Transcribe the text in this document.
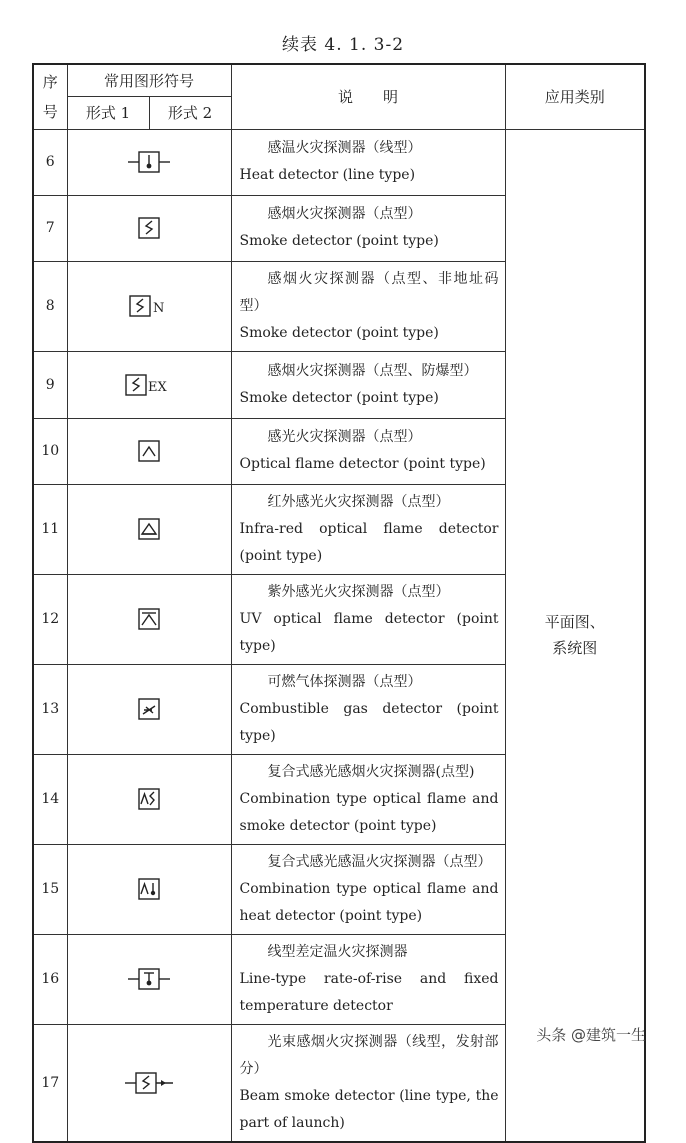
续表 4. 1. 3-2
序号	常用图形符号		说　　明	应用类别
	形式 1	形式 2		
6			感温火灾探测器（线型）
Heat detector (line type)	平面图、系统图
7			感烟火灾探测器（点型）
Smoke detector (point type)	

8	N		感烟火灾探测器（点型、非地址码型）
Smoke detector (point type)	

9	EX		感烟火灾探测器（点型、防爆型）
Smoke detector (point type)	

10			感光火灾探测器（点型）
Optical flame detector (point type)	

11			红外感光火灾探测器（点型）
Infra-red optical flame detector (point type)	

12			紫外感光火灾探测器（点型）
UV optical flame detector (point type)	

13			可燃气体探测器（点型）
Combustible gas detector (point type)	

14			复合式感光感烟火灾探测器(点型)
Combination type optical flame and smoke detector (point type)	

15			复合式感光感温火灾探测器（点型）
Combination type optical flame and heat detector (point type)	

16			线型差定温火灾探测器
Line-type rate-of-rise and fixed temperature detector	

17			光束感烟火灾探测器（线型，发射部分）
Beam smoke detector (line type, the part of launch)	
头条 @建筑一生
